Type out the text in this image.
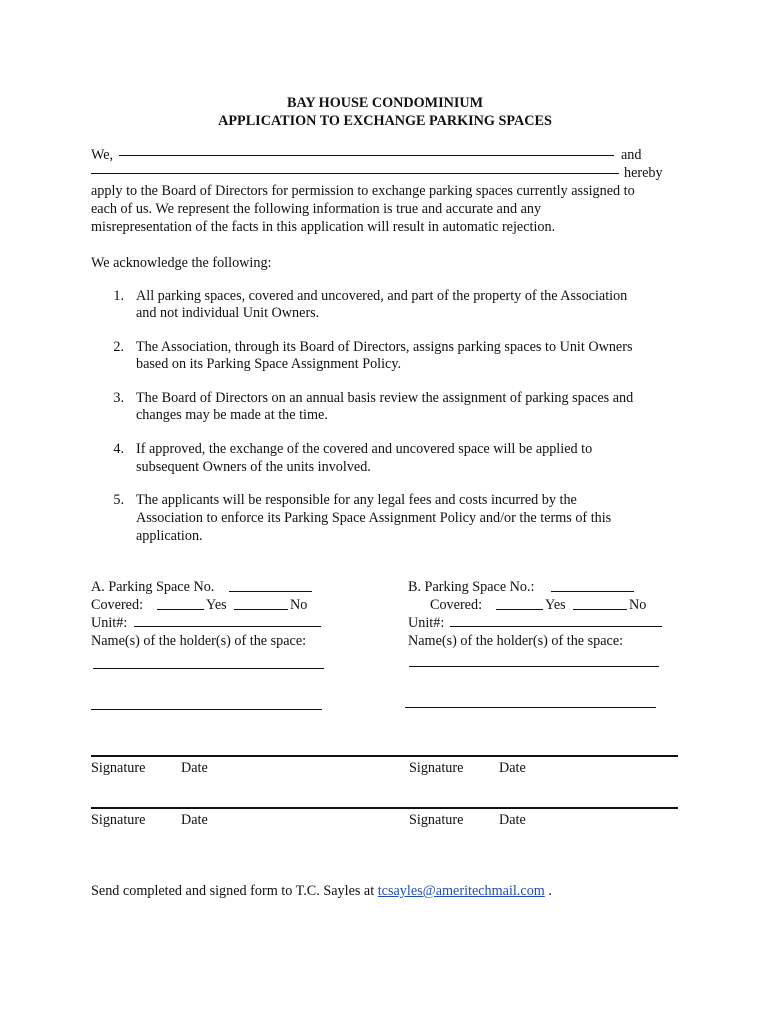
BAY HOUSE CONDOMINIUM
APPLICATION TO EXCHANGE PARKING SPACES
We,	and
hereby
apply to the Board of Directors for permission to exchange parking spaces currently assigned to
each of us. We represent the following information is true and accurate and any
misrepresentation of the facts in this application will result in automatic rejection.
We acknowledge the following:
1. All parking spaces, covered and uncovered, and part of the property of the Association
and not individual Unit Owners.
2. The Association, through its Board of Directors, assigns parking spaces to Unit Owners
based on its Parking Space Assignment Policy.
3. The Board of Directors on an annual basis review the assignment of parking spaces and
changes may be made at the time.
4. If approved, the exchange of the covered and uncovered space will be applied to
subsequent Owners of the units involved.
5. The applicants will be responsible for any legal fees and costs incurred by the
Association to enforce its Parking Space Assignment Policy and/or the terms of this
application.
A. Parking Space No.
Covered:	Yes	No
Unit#:
Name(s) of the holder(s) of the space:
B. Parking Space No.:
Covered:	Yes	No
Unit#:
Name(s) of the holder(s) of the space:
Signature	Date	Signature	Date
Signature	Date	Signature	Date
Send completed and signed form to T.C. Sayles at tcsayles@ameritechmail.com .
